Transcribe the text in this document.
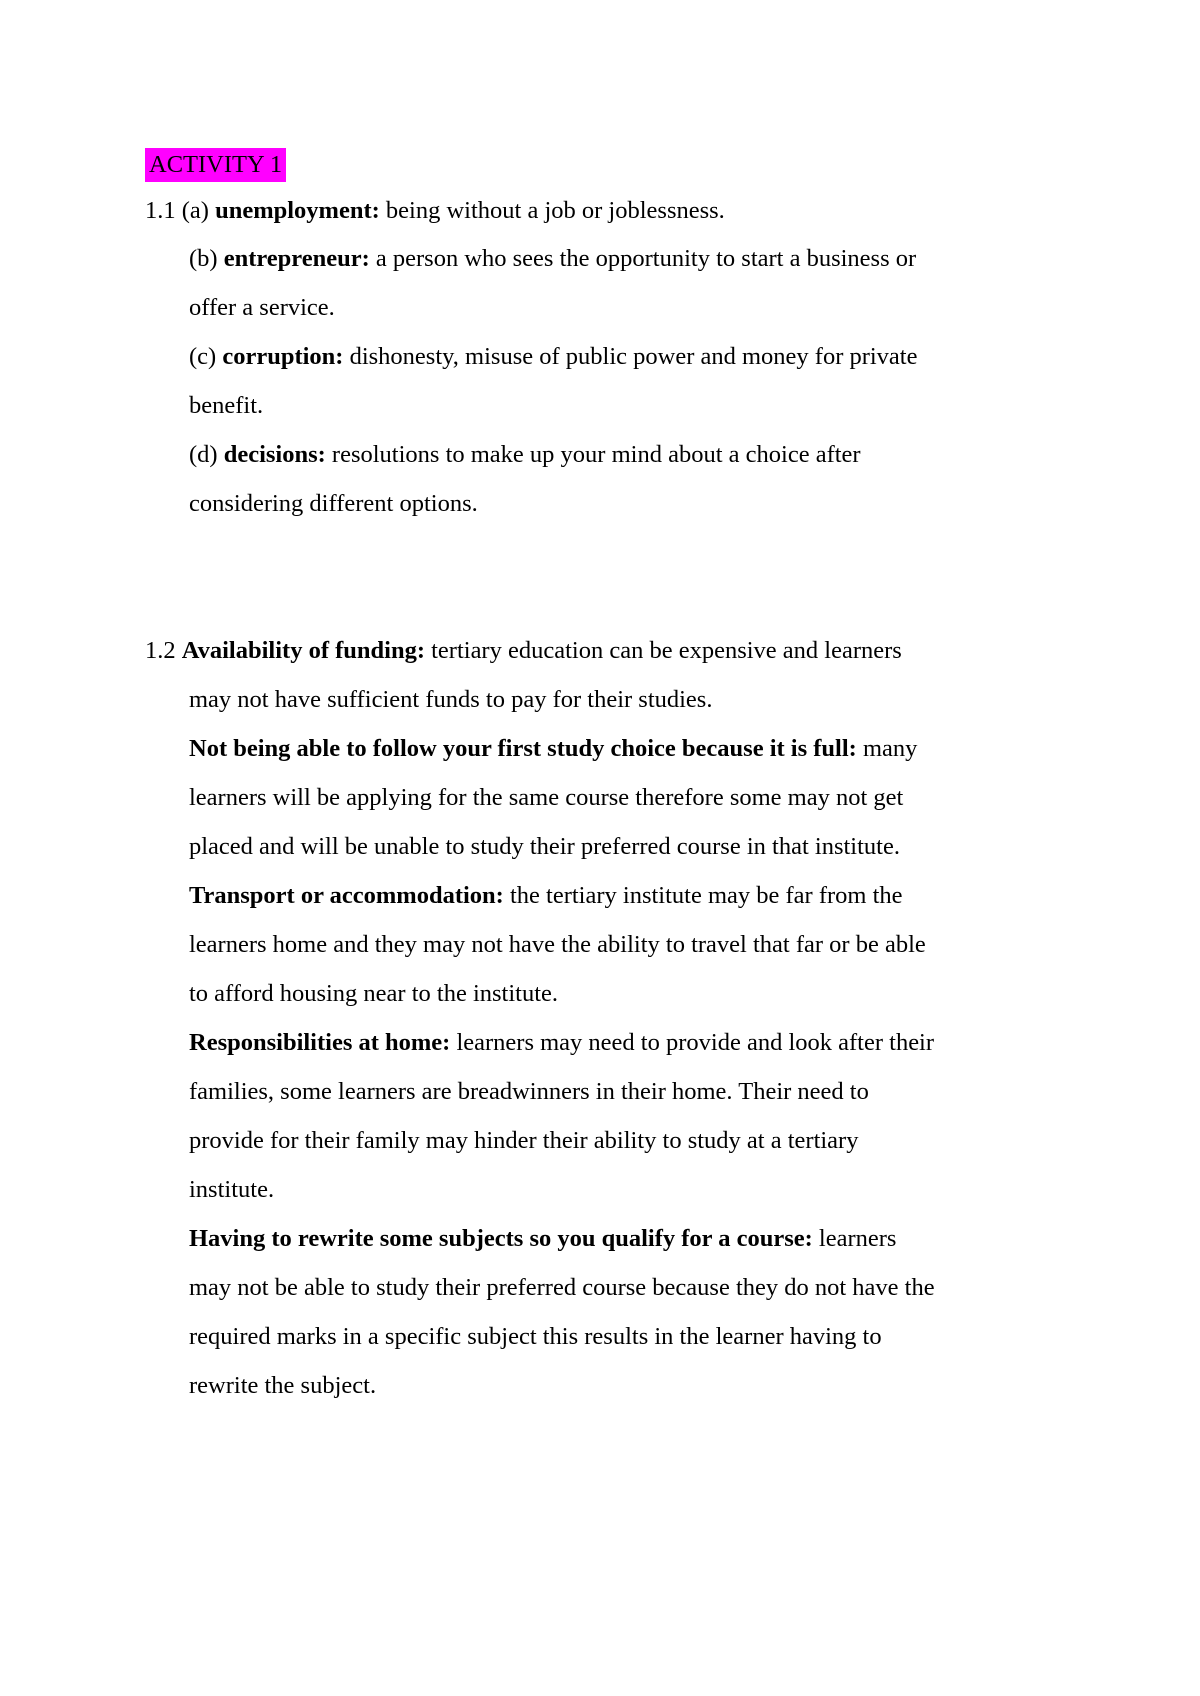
ACTIVITY 1
1.1 (a) unemployment: being without a job or joblessness.
(b) entrepreneur: a person who sees the opportunity to start a business or
offer a service.
(c) corruption: dishonesty, misuse of public power and money for private
benefit.
(d) decisions: resolutions to make up your mind about a choice after
considering different options.
1.2 Availability of funding: tertiary education can be expensive and learners
may not have sufficient funds to pay for their studies.
Not being able to follow your first study choice because it is full: many
learners will be applying for the same course therefore some may not get
placed and will be unable to study their preferred course in that institute.
Transport or accommodation: the tertiary institute may be far from the
learners home and they may not have the ability to travel that far or be able
to afford housing near to the institute.
Responsibilities at home: learners may need to provide and look after their
families, some learners are breadwinners in their home. Their need to
provide for their family may hinder their ability to study at a tertiary
institute.
Having to rewrite some subjects so you qualify for a course: learners
may not be able to study their preferred course because they do not have the
required marks in a specific subject this results in the learner having to
rewrite the subject.
